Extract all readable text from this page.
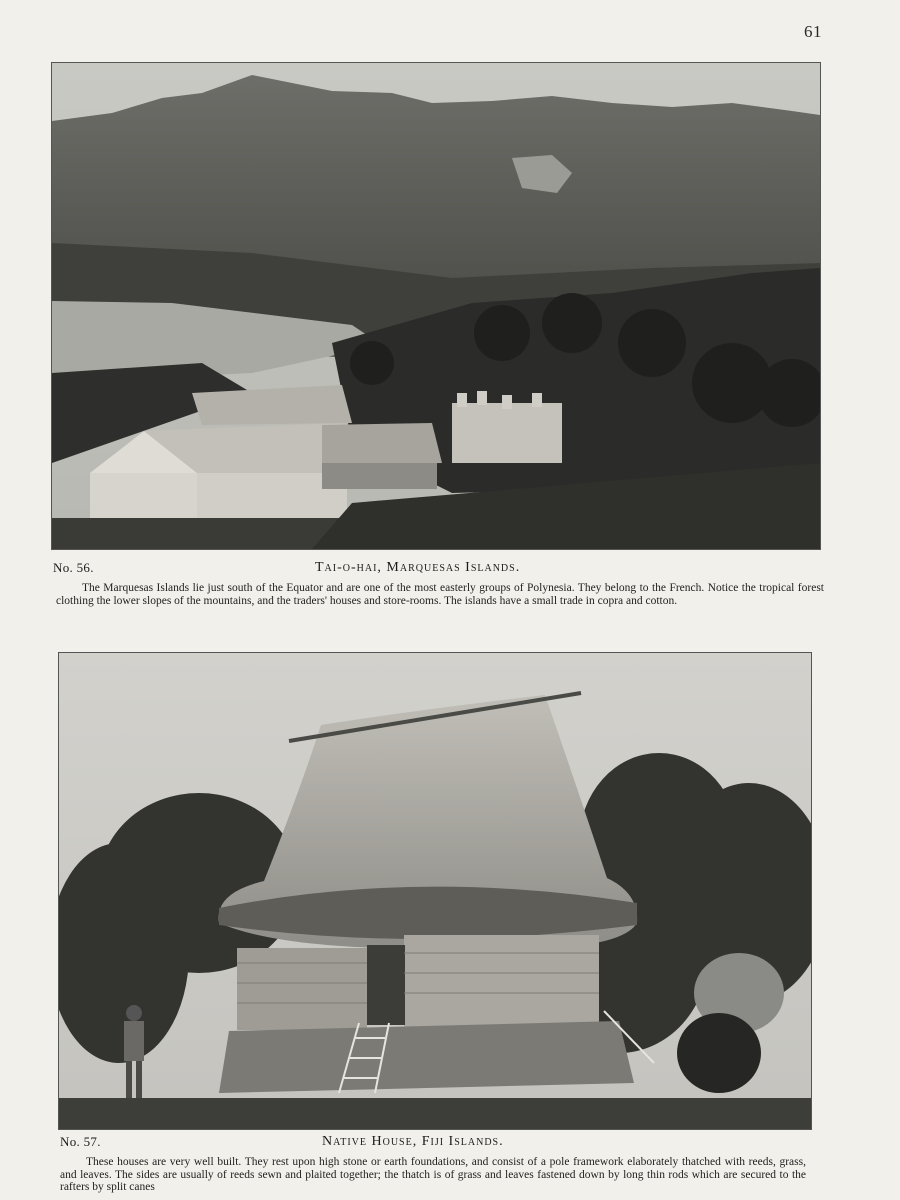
61
No. 56.	Tai-o-hai, Marquesas Islands.
The Marquesas Islands lie just south of the Equator and are one of the most easterly groups of Polynesia. They belong to the French. Notice the tropical forest clothing the lower slopes of the mountains, and the traders' houses and store-rooms. The islands have a small trade in copra and cotton.
No. 57.	Native House, Fiji Islands.
These houses are very well built. They rest upon high stone or earth foundations, and consist of a pole framework elaborately thatched with reeds, grass, and leaves. The sides are usually of reeds sewn and plaited together; the thatch is of grass and leaves fastened down by long thin rods which are secured to the rafters by split canes
